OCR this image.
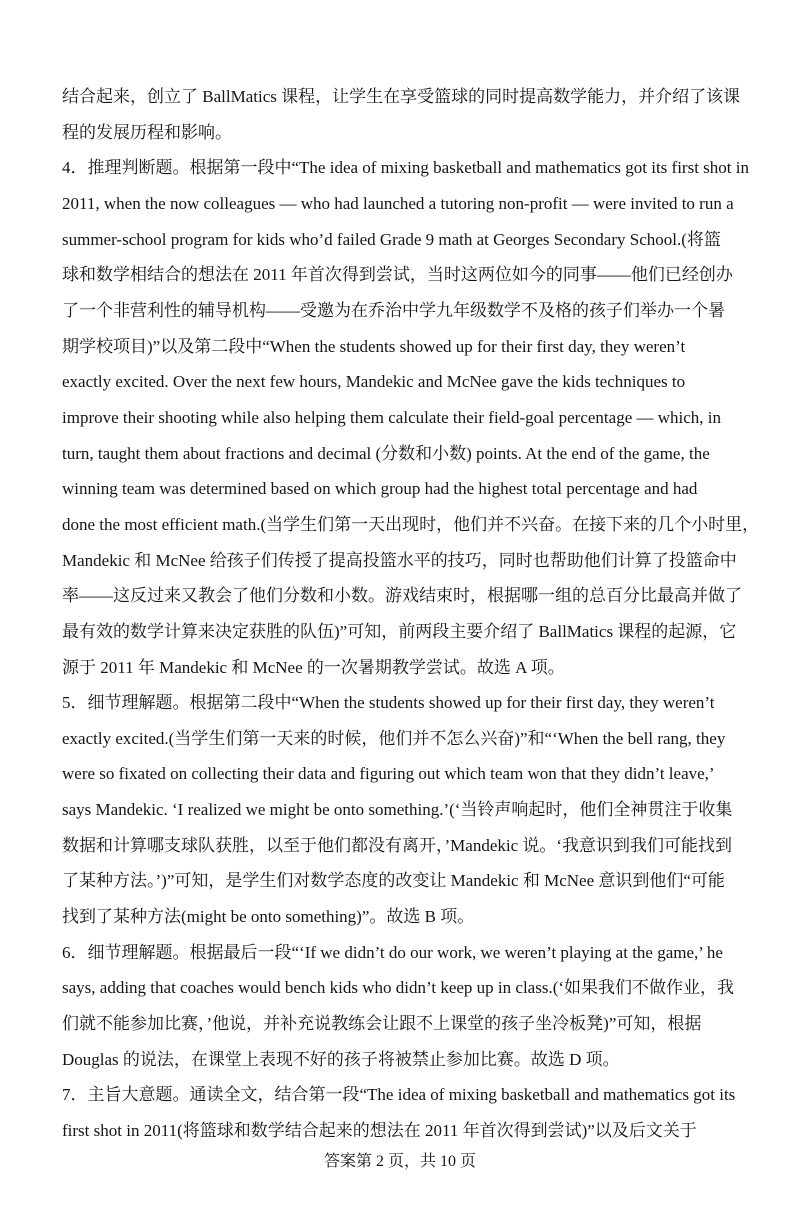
结合起来，创立了 BallMatics 课程，让学生在享受篮球的同时提高数学能力，并介绍了该课
程的发展历程和影响。
4．推理判断题。根据第一段中“The idea of mixing basketball and mathematics got its first shot in
2011, when the now colleagues — who had launched a tutoring non-profit — were invited to run a
summer-school program for kids who’d failed Grade 9 math at Georges Secondary School.(将篮
球和数学相结合的想法在 2011 年首次得到尝试，当时这两位如今的同事——他们已经创办
了一个非营利性的辅导机构——受邀为在乔治中学九年级数学不及格的孩子们举办一个暑
期学校项目)”以及第二段中“When the students showed up for their first day, they weren’t
exactly excited. Over the next few hours, Mandekic and McNee gave the kids techniques to
improve their shooting while also helping them calculate their field-goal percentage — which, in
turn, taught them about fractions and decimal (分数和小数) points. At the end of the game, the
winning team was determined based on which group had the highest total percentage and had
done the most efficient math.(当学生们第一天出现时，他们并不兴奋。在接下来的几个小时里，
Mandekic 和 McNee 给孩子们传授了提高投篮水平的技巧，同时也帮助他们计算了投篮命中
率——这反过来又教会了他们分数和小数。游戏结束时，根据哪一组的总百分比最高并做了
最有效的数学计算来决定获胜的队伍)”可知，前两段主要介绍了 BallMatics 课程的起源，它
源于 2011 年 Mandekic 和 McNee 的一次暑期教学尝试。故选 A 项。
5．细节理解题。根据第二段中“When the students showed up for their first day, they weren’t
exactly excited.(当学生们第一天来的时候，他们并不怎么兴奋)”和“‘When the bell rang, they
were so fixated on collecting their data and figuring out which team won that they didn’t leave,’
says Mandekic. ‘I realized we might be onto something.’(‘当铃声响起时，他们全神贯注于收集
数据和计算哪支球队获胜，以至于他们都没有离开，’Mandekic 说。‘我意识到我们可能找到
了某种方法。’)”可知，是学生们对数学态度的改变让 Mandekic 和 McNee 意识到他们“可能
找到了某种方法(might be onto something)”。故选 B 项。
6．细节理解题。根据最后一段“‘If we didn’t do our work, we weren’t playing at the game,’ he
says, adding that coaches would bench kids who didn’t keep up in class.(‘如果我们不做作业，我
们就不能参加比赛，’他说，并补充说教练会让跟不上课堂的孩子坐冷板凳)”可知，根据
Douglas 的说法，在课堂上表现不好的孩子将被禁止参加比赛。故选 D 项。
7．主旨大意题。通读全文，结合第一段“The idea of mixing basketball and mathematics got its
first shot in 2011(将篮球和数学结合起来的想法在 2011 年首次得到尝试)”以及后文关于
答案第 2 页，共 10 页
